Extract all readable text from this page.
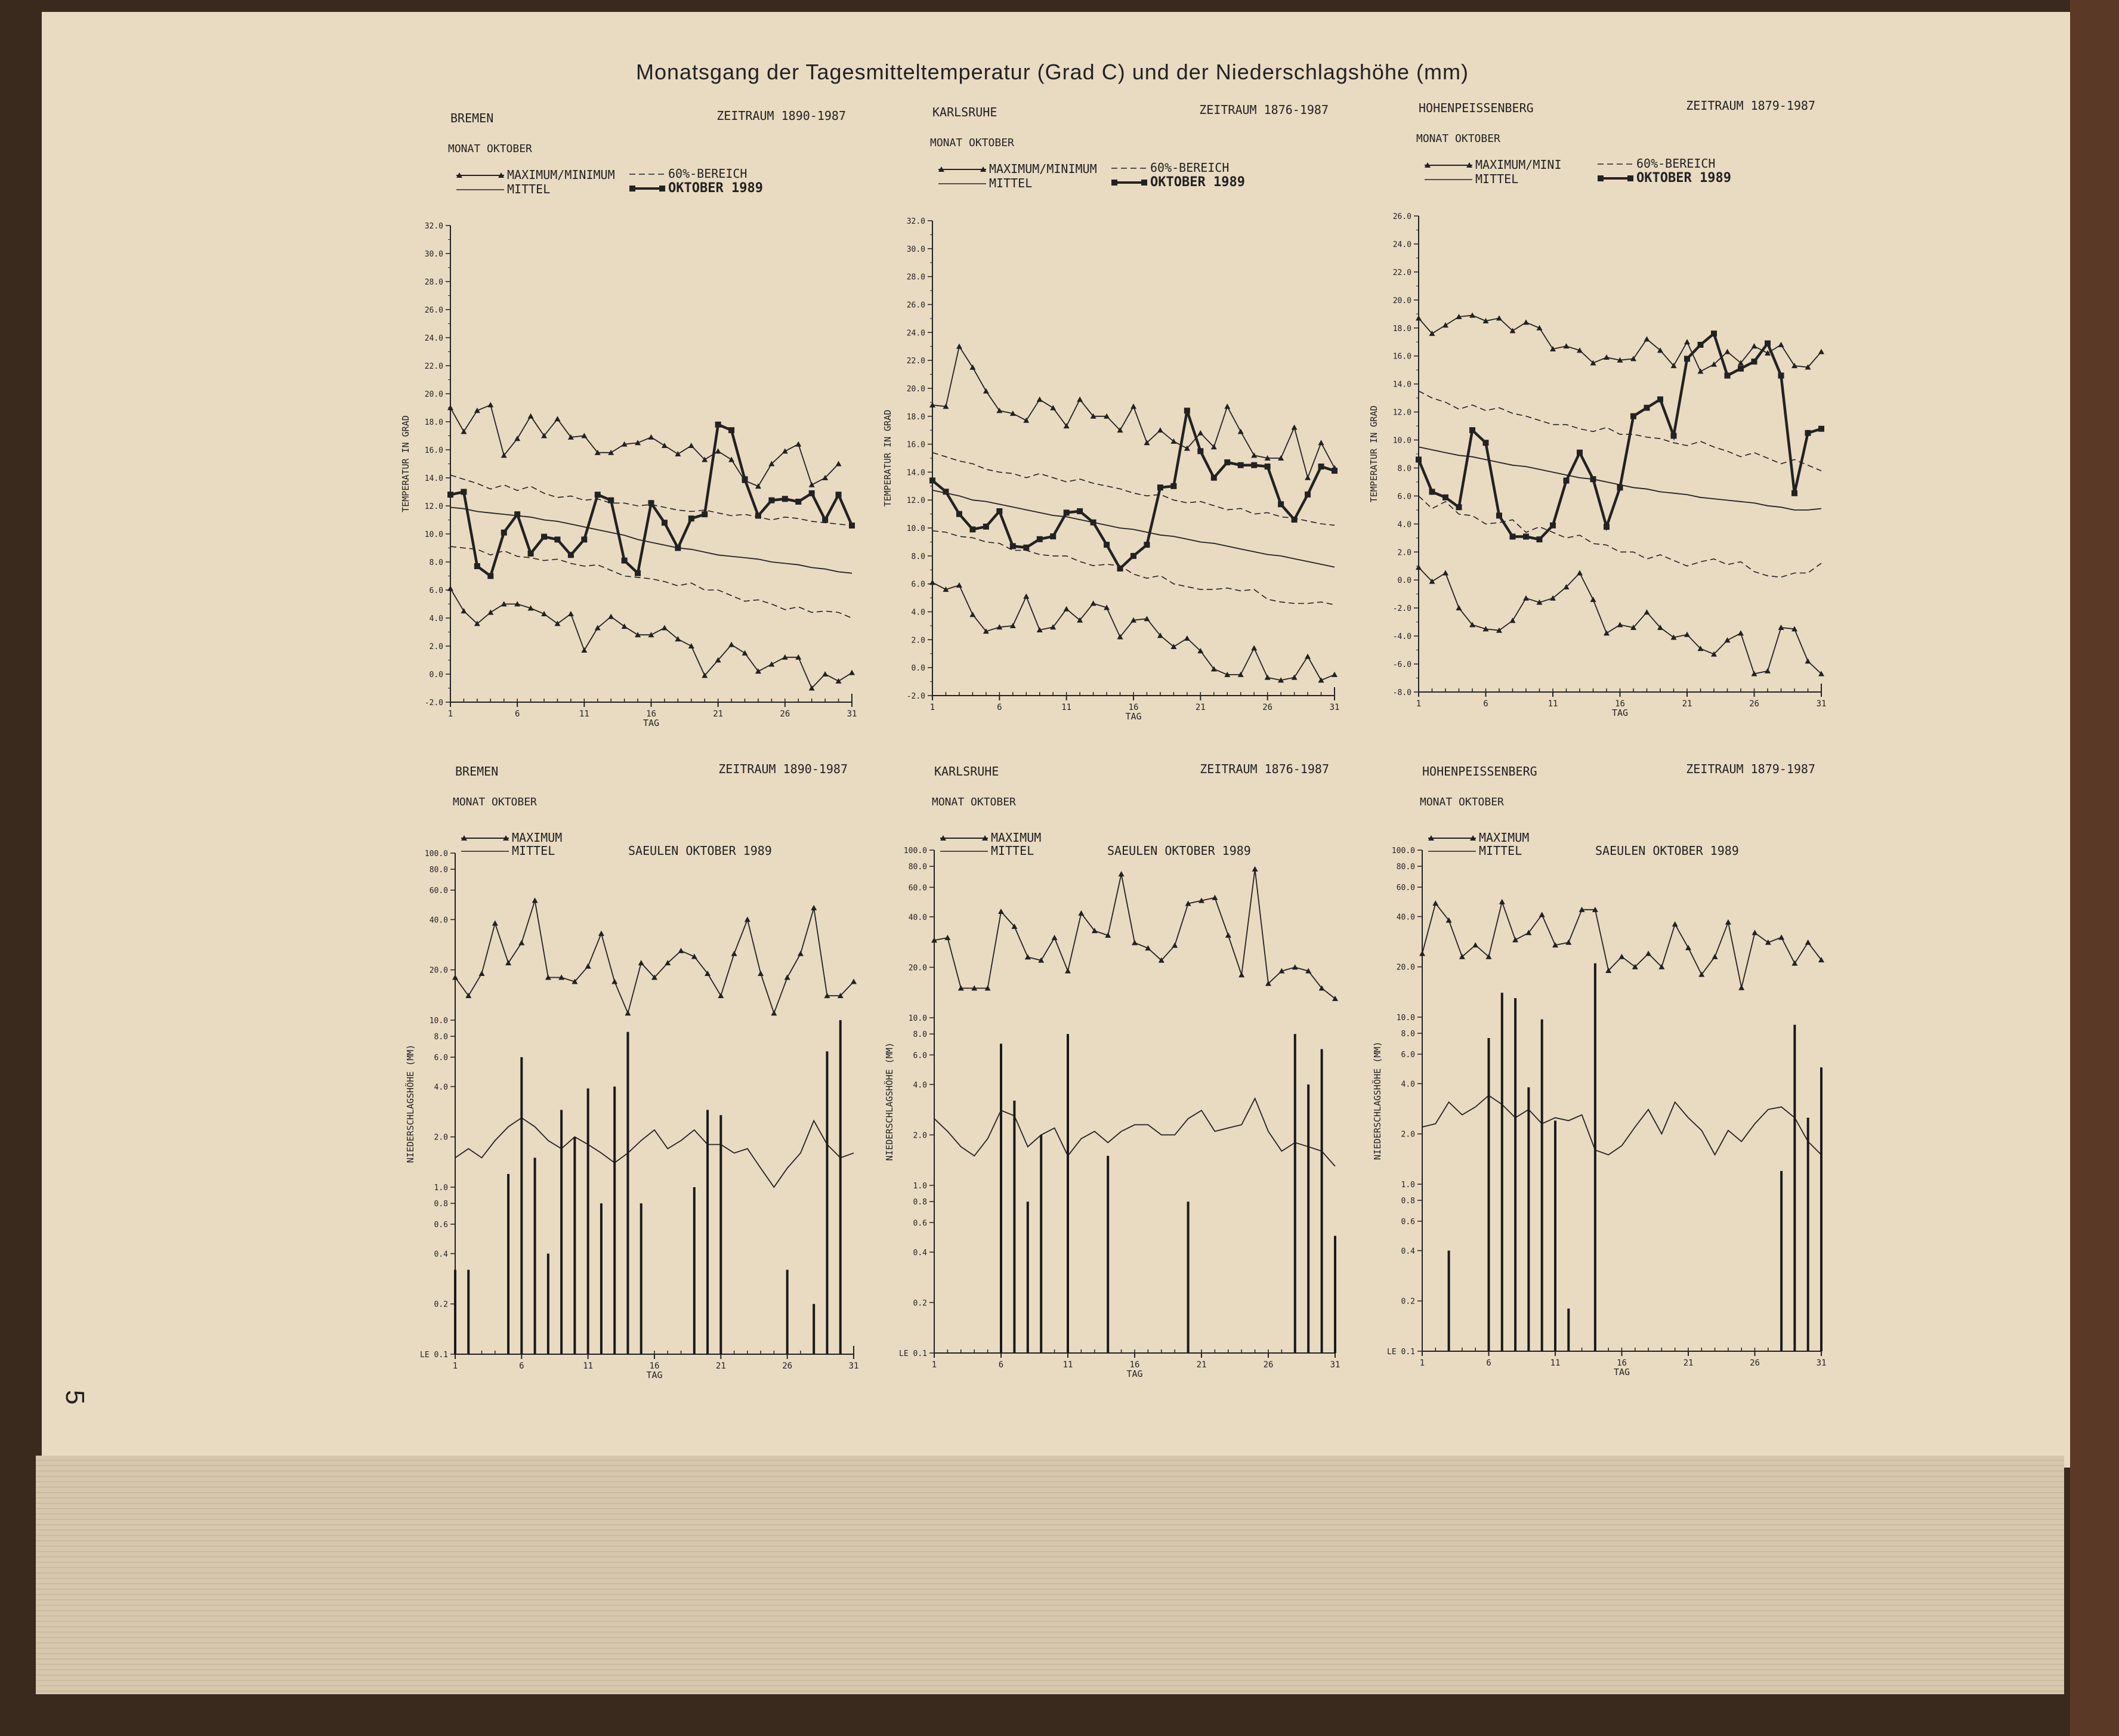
Monatsgang der Tagesmitteltemperatur (Grad C) und der Niederschlagshöhe (mm)
5
BREMEN	ZEITRAUM 1890-1987
MONAT OKTOBER
MAXIMUM/MINIMUM
MITTEL
60%-BEREICH
OKTOBER 1989
1	6	11	16	21	26	31
TAG
-2.0
0.0
2.0
4.0
6.0
8.0
10.0
12.0
14.0
16.0
18.0
20.0
22.0
24.0
26.0
28.0
30.0
32.0
TEMPERATUR IN GRAD
KARLSRUHE	ZEITRAUM 1876-1987
MONAT OKTOBER
MAXIMUM/MINIMUM
MITTEL
60%-BEREICH
OKTOBER 1989
1	6	11	16	21	26	31
TAG
-2.0
0.0
2.0
4.0
6.0
8.0
10.0
12.0
14.0
16.0
18.0
20.0
22.0
24.0
26.0
28.0
30.0
32.0
TEMPERATUR IN GRAD
HOHENPEISSENBERG	ZEITRAUM 1879-1987
MONAT OKTOBER
MAXIMUM/MINI
MITTEL
60%-BEREICH
OKTOBER 1989
1	6	11	16	21	26	31
TAG
-8.0
-6.0
-4.0
-2.0
0.0
2.0
4.0
6.0
8.0
10.0
12.0
14.0
16.0
18.0
20.0
22.0
24.0
26.0
TEMPERATUR IN GRAD
BREMEN	ZEITRAUM 1890-1987
MONAT OKTOBER
MAXIMUM
MITTEL	SAEULEN OKTOBER 1989
1	6	11	16	21	26	31
TAG
LE 0.1
0.2
0.4
0.6
0.8
1.0
2.0
4.0
6.0
8.0
10.0
20.0
40.0
60.0
80.0
100.0
NIEDERSCHLAGSHÖHE (MM)
KARLSRUHE	ZEITRAUM 1876-1987
MONAT OKTOBER
MAXIMUM
MITTEL	SAEULEN OKTOBER 1989
1	6	11	16	21	26	31
TAG
LE 0.1
0.2
0.4
0.6
0.8
1.0
2.0
4.0
6.0
8.0
10.0
20.0
40.0
60.0
80.0
100.0
NIEDERSCHLAGSHÖHE (MM)
HOHENPEISSENBERG	ZEITRAUM 1879-1987
MONAT OKTOBER
MAXIMUM
MITTEL	SAEULEN OKTOBER 1989
1	6	11	16	21	26	31
TAG
LE 0.1
0.2
0.4
0.6
0.8
1.0
2.0
4.0
6.0
8.0
10.0
20.0
40.0
60.0
80.0
100.0
NIEDERSCHLAGSHÖHE (MM)
